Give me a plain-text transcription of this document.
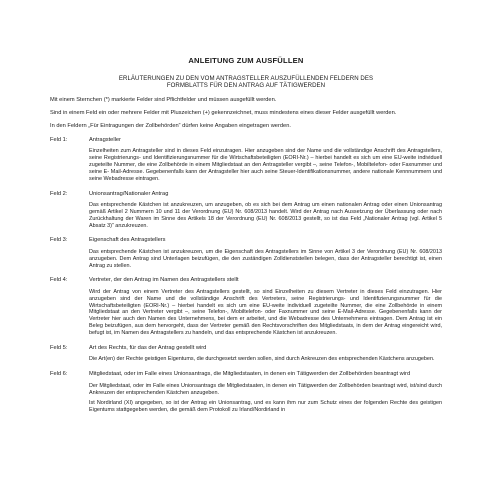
ANLEITUNG ZUM AUSFÜLLEN
ERLÄUTERUNGEN ZU DEN VOM ANTRAGSTELLER AUSZUFÜLLENDEN FELDERN DES
FORMBLATTS FÜR DEN ANTRAG AUF TÄTIGWERDEN

Mit einem Sternchen (*) markierte Felder sind Pflichtfelder und müssen ausgefüllt werden.

Sind in einem Feld ein oder mehrere Felder mit Pluszeichen (+) gekennzeichnet, muss mindestens eines dieser Felder ausgefüllt werden.

In den Feldern „Für Eintragungen der Zollbehörden“ dürfen keine Angaben eingetragen werden.

Feld 1:	Antragsteller
Einzelheiten zum Antragsteller sind in dieses Feld einzutragen. Hier anzugeben sind der Name und die vollständige Anschrift des Antragstellers, seine Registrierungs- und Identifizierungsnummer für die Wirtschaftsbeteiligten (EORI-Nr.) – hierbei handelt es sich um eine EU-weite individuell zugeteilte Nummer, die eine Zollbehörde in einem Mitgliedstaat an den Antragsteller vergibt –, seine Telefon-, Mobiltelefon- oder Faxnummer und seine E- Mail-Adresse. Gegebenenfalls kann der Antragsteller hier auch seine Steuer-Identifikationsnummer, andere nationale Kennnummern und seine Webadresse eintragen.
Feld 2:	Unionsantrag/Nationaler Antrag
Das entsprechende Kästchen ist anzukreuzen, um anzugeben, ob es sich bei dem Antrag um einen nationalen Antrag oder einen Unionsantrag gemäß Artikel 2 Nummern 10 und 11 der Verordnung (EU) Nr. 608/2013 handelt. Wird der Antrag nach Aussetzung der Überlassung oder nach Zurückhaltung der Waren im Sinne des Artikels 18 der Verordnung (EU) Nr. 608/2013 gestellt, so ist das Feld „Nationaler Antrag (vgl. Artikel 5 Absatz 3)“ anzukreuzen.
Feld 3:	Eigenschaft des Antragstellers
Das entsprechende Kästchen ist anzukreuzen, um die Eigenschaft des Antragstellers im Sinne von Artikel 3 der Verordnung (EU) Nr. 608/2013 anzugeben. Dem Antrag sind Unterlagen beizufügen, die den zuständigen Zolldienststellen belegen, dass der Antragsteller berechtigt ist, einen Antrag zu stellen.
Feld 4:	Vertreter, der den Antrag im Namen des Antragstellers stellt
Wird der Antrag von einem Vertreter des Antragstellers gestellt, so sind Einzelheiten zu diesem Vertreter in dieses Feld einzutragen. Hier anzugeben sind der Name und die vollständige Anschrift des Vertreters, seine Registrierungs- und Identifizierungsnummer für die Wirtschaftsbeteiligten (EORI-Nr.) – hierbei handelt es sich um eine EU-weite individuell zugeteilte Nummer, die eine Zollbehörde in einem Mitgliedstaat an den Vertreter vergibt –, seine Telefon-, Mobiltelefon- oder Faxnummer und seine E-Mail-Adresse. Gegebenenfalls kann der Vertreter hier auch den Namen des Unternehmens, bei dem er arbeitet, und die Webadresse des Unternehmens eintragen. Dem Antrag ist ein Beleg beizufügen, aus dem hervorgeht, dass der Vertreter gemäß den Rechtsvorschriften des Mitgliedstaats, in dem der Antrag eingereicht wird, befugt ist, im Namen des Antragstellers zu handeln, und das entsprechende Kästchen ist anzukreuzen.
Feld 5:	Art des Rechts, für das der Antrag gestellt wird
Die Art(en) der Rechte geistigen Eigentums, die durchgesetzt werden sollen, sind durch Ankreuzen des entsprechenden Kästchens anzugeben.
Feld 6:	Mitgliedstaat, oder im Falle eines Unionsantrags, die Mitgliedstaaten, in denen ein Tätigwerden der Zollbehörden beantragt wird
Der Mitgliedstaat, oder im Falle eines Unionsantrags die Mitgliedstaaten, in denen ein Tätigwerden der Zollbehörden beantragt wird, ist/sind durch Ankreuzen der entsprechenden Kästchen anzugeben.
Ist Nordirland (XI) angegeben, so ist der Antrag ein Unionsantrag, und es kann ihm nur zum Schutz eines der folgenden Rechte des geistigen Eigentums stattgegeben werden, die gemäß dem Protokoll zu Irland/Nordirland in
